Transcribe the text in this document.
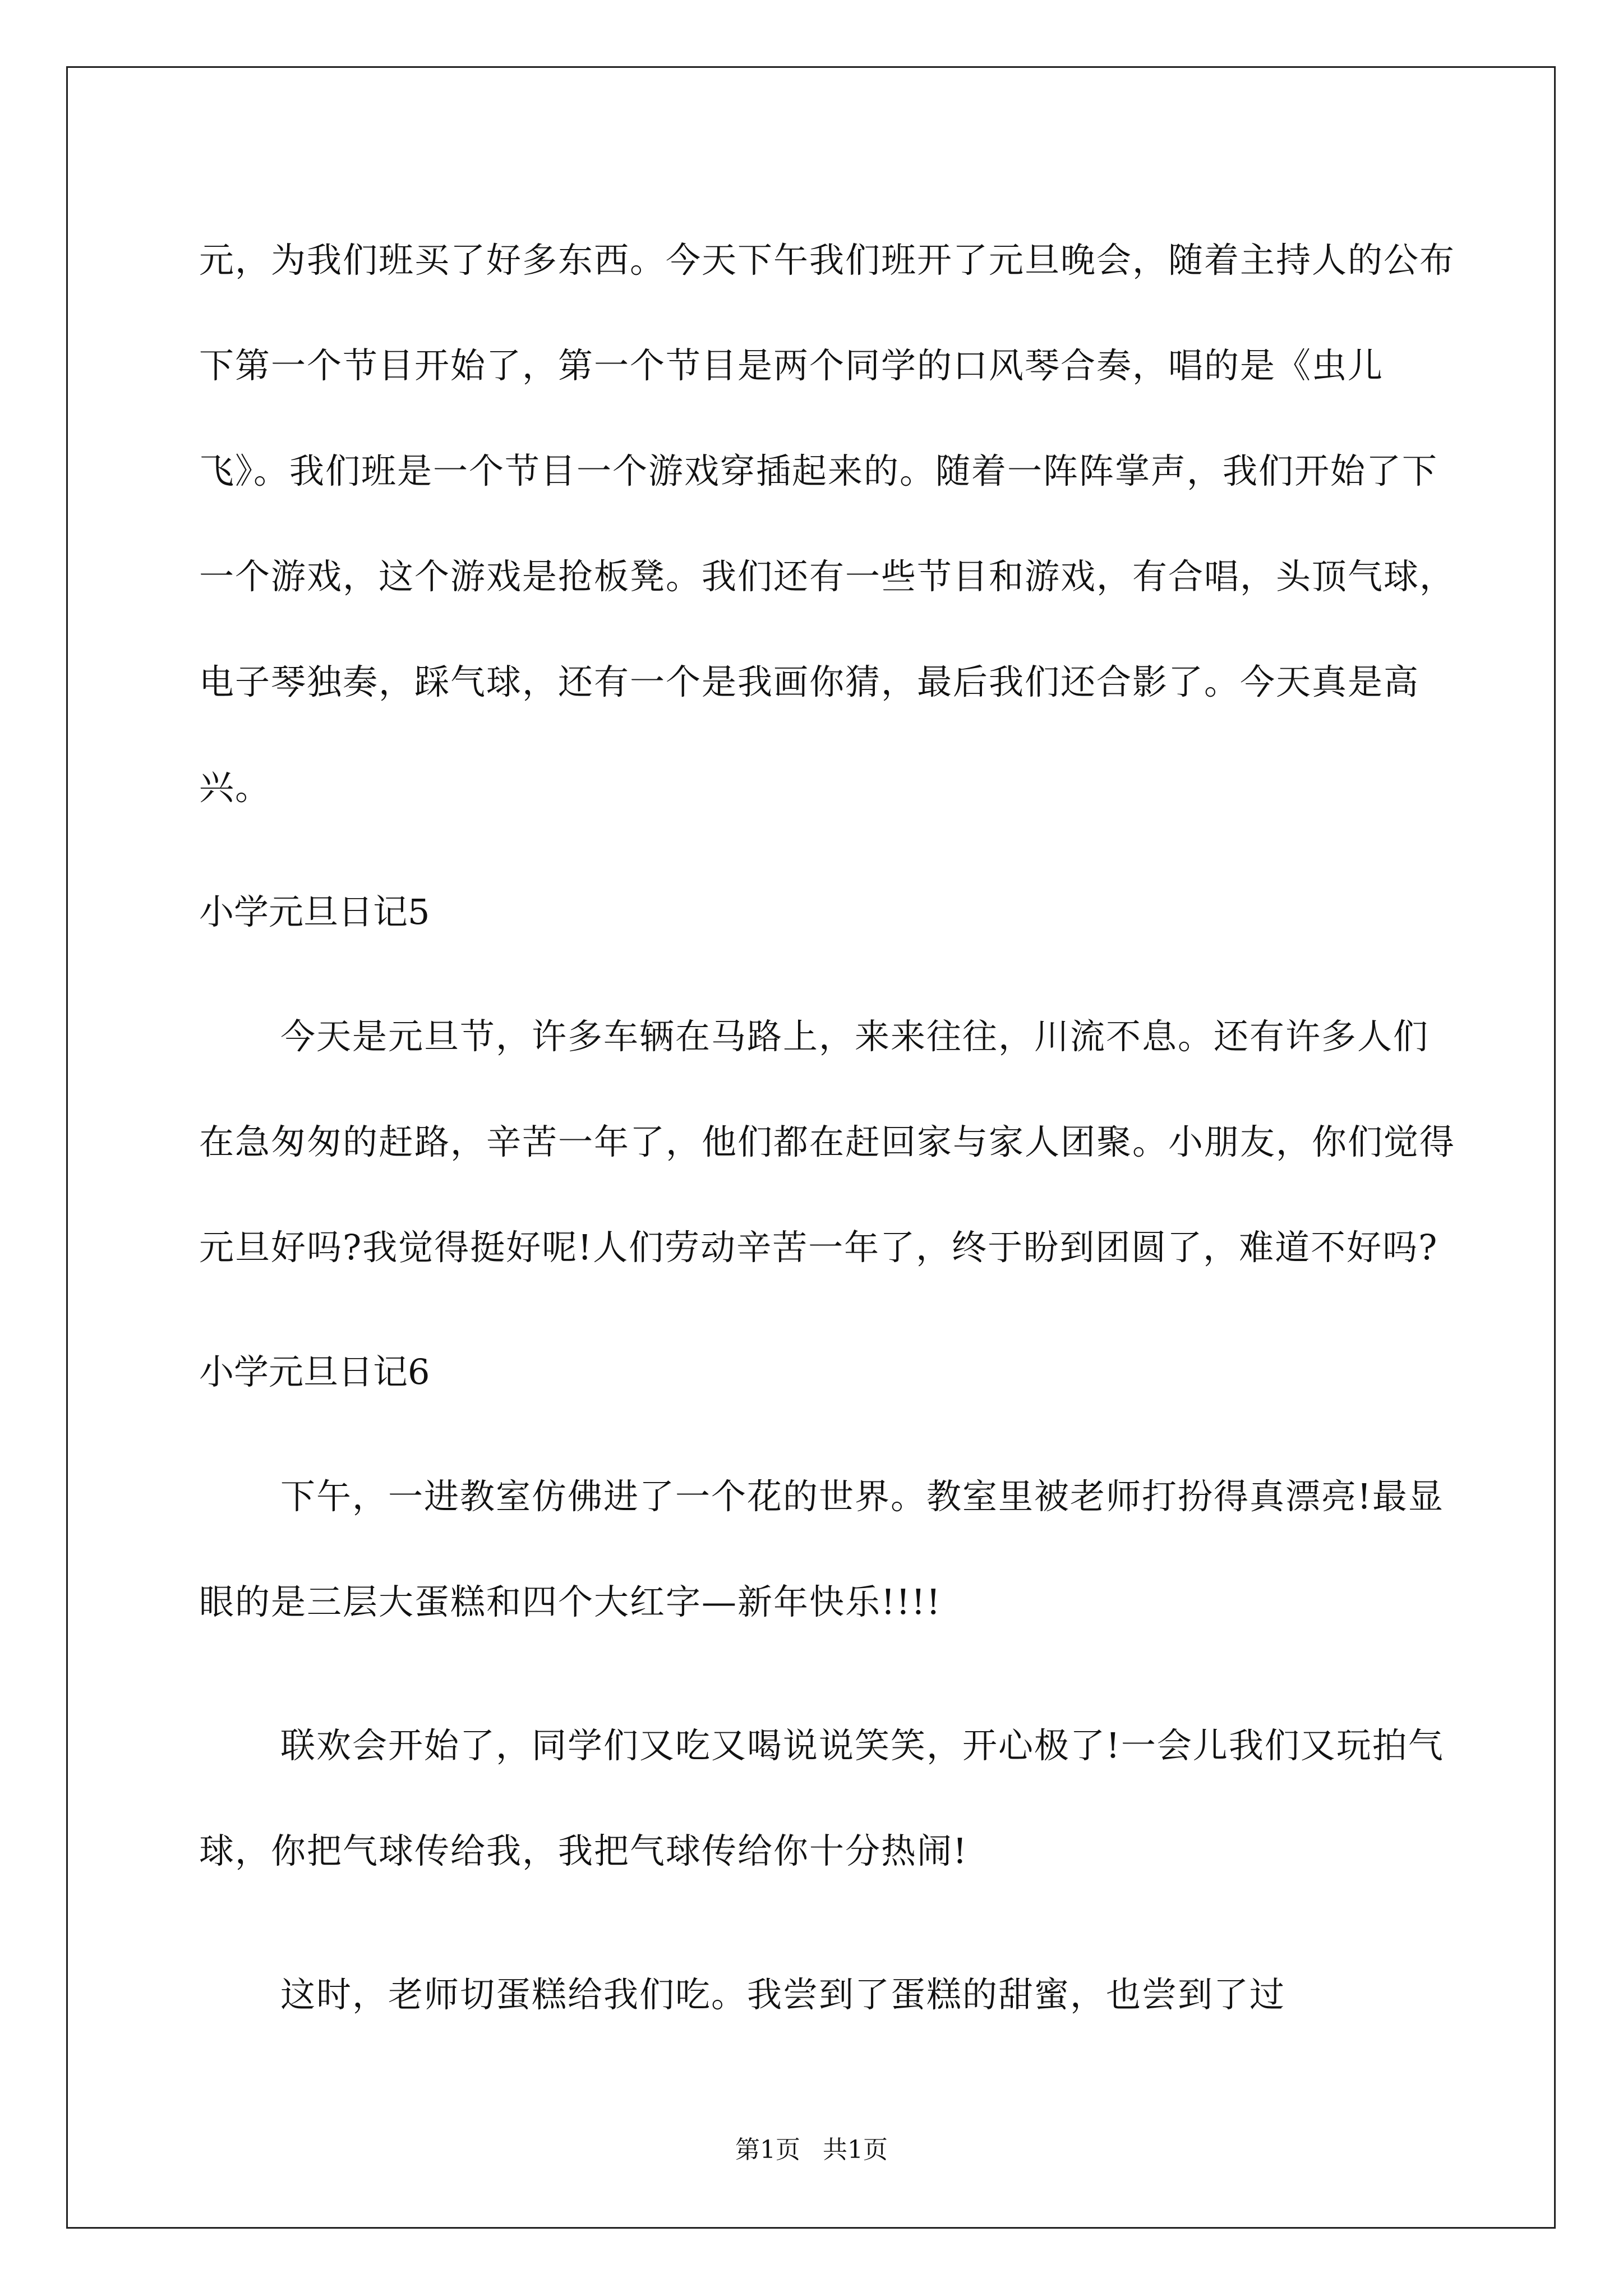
元，为我们班买了好多东西。今天下午我们班开了元旦晚会，随着主持人的公布下第一个节目开始了，第一个节目是两个同学的口风琴合奏，唱的是《虫儿飞》。我们班是一个节目一个游戏穿插起来的。随着一阵阵掌声，我们开始了下一个游戏，这个游戏是抢板凳。我们还有一些节目和游戏，有合唱，头顶气球，电子琴独奏，踩气球，还有一个是我画你猜，最后我们还合影了。今天真是高兴。

小学元旦日记5

今天是元旦节，许多车辆在马路上，来来往往，川流不息。还有许多人们在急匆匆的赶路，辛苦一年了，他们都在赶回家与家人团聚。小朋友，你们觉得元旦好吗?我觉得挺好呢!人们劳动辛苦一年了，终于盼到团圆了，难道不好吗?

小学元旦日记6

下午，一进教室仿佛进了一个花的世界。教室里被老师打扮得真漂亮!最显眼的是三层大蛋糕和四个大红字—新年快乐!!!!

联欢会开始了，同学们又吃又喝说说笑笑，开心极了!一会儿我们又玩拍气球，你把气球传给我，我把气球传给你十分热闹!

这时，老师切蛋糕给我们吃。我尝到了蛋糕的甜蜜，也尝到了过

第1页 共1页
